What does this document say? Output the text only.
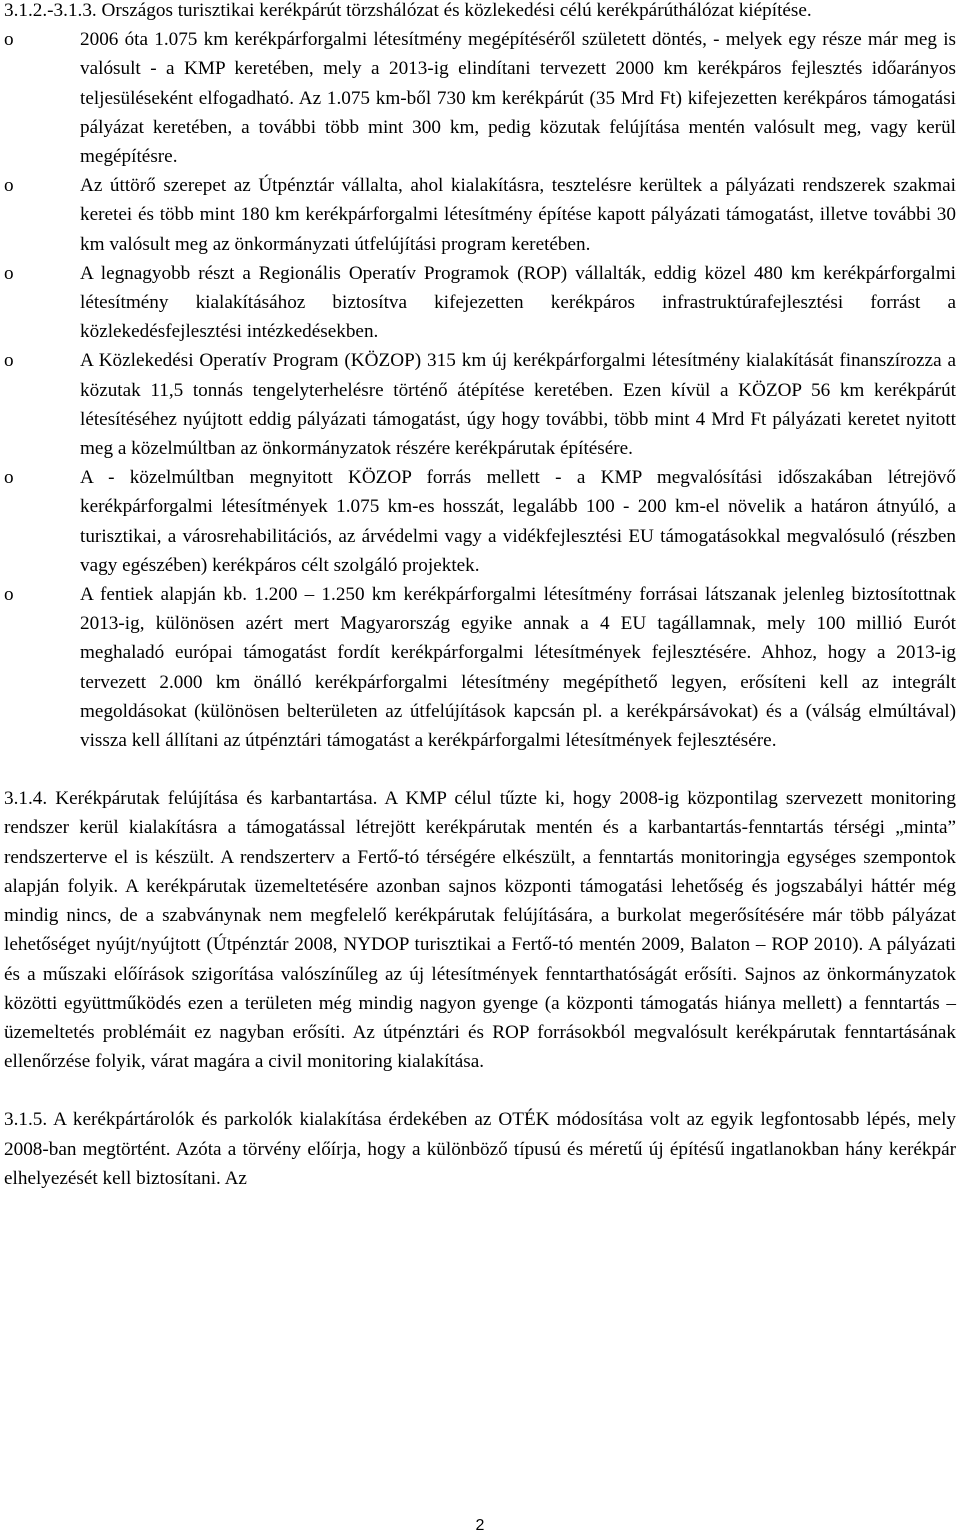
3.1.2.-3.1.3. Országos turisztikai kerékpárút törzshálózat és közlekedési célú kerékpárúthálózat kiépítése.

o	2006 óta 1.075 km kerékpárforgalmi létesítmény megépítéséről született döntés, - melyek egy része már meg is valósult - a KMP keretében, mely a 2013-ig elindítani tervezett 2000 km kerékpáros fejlesztés időarányos teljesüléseként elfogadható. Az 1.075 km-ből 730 km kerékpárút (35 Mrd Ft) kifejezetten kerékpáros támogatási pályázat keretében, a további több mint 300 km, pedig közutak felújítása mentén valósult meg, vagy kerül megépítésre.
o	Az úttörő szerepet az Útpénztár vállalta, ahol kialakításra, tesztelésre kerültek a pályázati rendszerek szakmai keretei és több mint 180 km kerékpárforgalmi létesítmény építése kapott pályázati támogatást, illetve további 30 km valósult meg az önkormányzati útfelújítási program keretében.
o	A legnagyobb részt a Regionális Operatív Programok (ROP) vállalták, eddig közel 480 km kerékpárforgalmi létesítmény kialakításához biztosítva kifejezetten kerékpáros infrastruktúrafejlesztési forrást a közlekedésfejlesztési intézkedésekben.
o	A Közlekedési Operatív Program (KÖZOP) 315 km új kerékpárforgalmi létesítmény kialakítását finanszírozza a közutak 11,5 tonnás tengelyterhelésre történő átépítése keretében. Ezen kívül a KÖZOP 56 km kerékpárút létesítéséhez nyújtott eddig pályázati támogatást, úgy hogy további, több mint 4 Mrd Ft pályázati keretet nyitott meg a közelmúltban az önkormányzatok részére kerékpárutak építésére.
o	A - közelmúltban megnyitott KÖZOP forrás mellett - a KMP megvalósítási időszakában létrejövő kerékpárforgalmi létesítmények 1.075 km-es hosszát, legalább 100 - 200 km-el növelik a határon átnyúló, a turisztikai, a városrehabilitációs, az árvédelmi vagy a vidékfejlesztési EU támogatásokkal megvalósuló (részben vagy egészében) kerékpáros célt szolgáló projektek.
o	A fentiek alapján kb. 1.200 – 1.250 km kerékpárforgalmi létesítmény forrásai látszanak jelenleg biztosítottnak 2013-ig, különösen azért mert Magyarország egyike annak a 4 EU tagállamnak, mely 100 millió Eurót meghaladó európai támogatást fordít kerékpárforgalmi létesítmények fejlesztésére. Ahhoz, hogy a 2013-ig tervezett 2.000 km önálló kerékpárforgalmi létesítmény megépíthető legyen, erősíteni kell az integrált megoldásokat (különösen belterületen az útfelújítások kapcsán pl. a kerékpársávokat) és a (válság elmúltával) vissza kell állítani az útpénztári támogatást a kerékpárforgalmi létesítmények fejlesztésére.

3.1.4. Kerékpárutak felújítása és karbantartása. A KMP célul tűzte ki, hogy 2008-ig központilag szervezett monitoring rendszer kerül kialakításra a támogatással létrejött kerékpárutak mentén és a karbantartás-fenntartás térségi „minta” rendszerterve el is készült. A rendszerterv a Fertő-tó térségére elkészült, a fenntartás monitoringja egységes szempontok alapján folyik. A kerékpárutak üzemeltetésére azonban sajnos központi támogatási lehetőség és jogszabályi háttér még mindig nincs, de a szabványnak nem megfelelő kerékpárutak felújítására, a burkolat megerősítésére már több pályázat lehetőséget nyújt/nyújtott (Útpénztár 2008, NYDOP turisztikai a Fertő-tó mentén 2009, Balaton – ROP 2010). A pályázati és a műszaki előírások szigorítása valószínűleg az új létesítmények fenntarthatóságát erősíti. Sajnos az önkormányzatok közötti együttműködés ezen a területen még mindig nagyon gyenge (a központi támogatás hiánya mellett) a fenntartás – üzemeltetés problémáit ez nagyban erősíti. Az útpénztári és ROP forrásokból megvalósult kerékpárutak fenntartásának ellenőrzése folyik, várat magára a civil monitoring kialakítása.

3.1.5. A kerékpártárolók és parkolók kialakítása érdekében az OTÉK módosítása volt az egyik legfontosabb lépés, mely 2008-ban megtörtént. Azóta a törvény előírja, hogy a különböző típusú és méretű új építésű ingatlanokban hány kerékpár elhelyezését kell biztosítani. Az

2
